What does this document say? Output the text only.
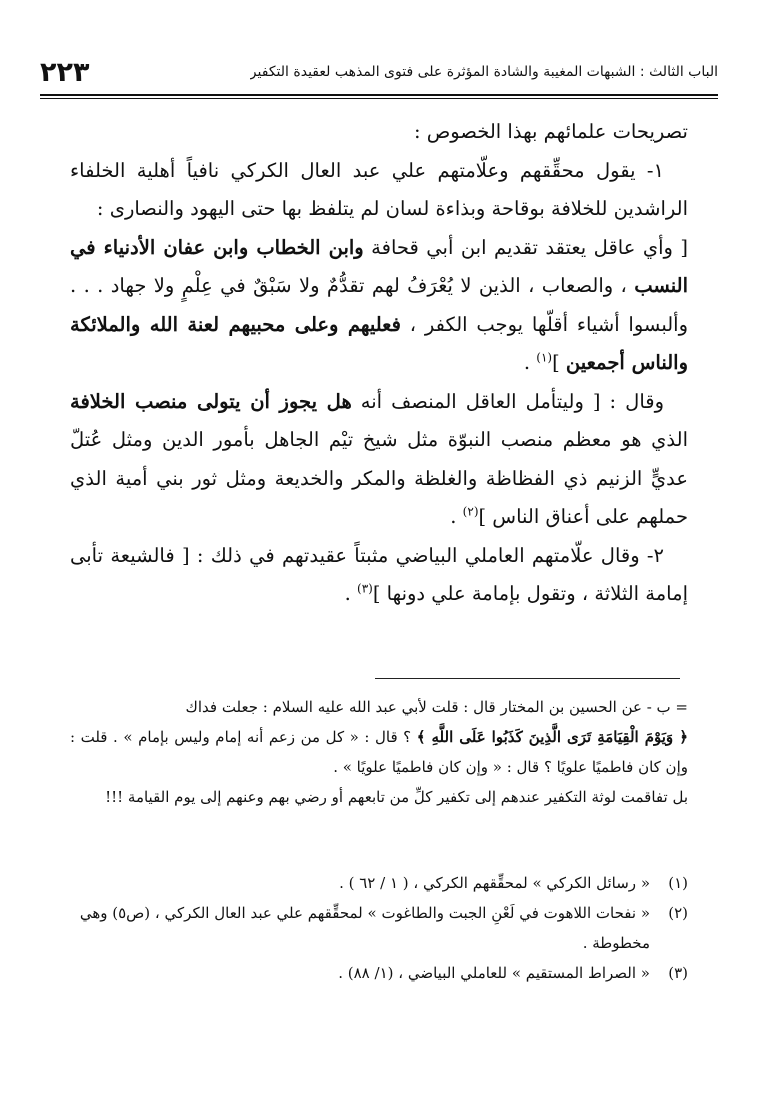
٢٢٣	الباب الثالث : الشبهات المغيبة والشادة المؤثرة على فتوى المذهب لعقيدة التكفير

تصريحات علمائهم بهذا الخصوص :

١- يقول محقِّقهم وعلّامتهم علي عبد العال الكركي نافياً أهلية الخلفاء الراشدين للخلافة بوقاحة وبذاءة لسان لم يتلفظ بها حتى اليهود والنصارى :

[ وأي عاقل يعتقد تقديم ابن أبي قحافة وابن الخطاب وابن عفان الأدنياء في النسب ، والصعاب ، الذين لا يُعْرَفُ لهم تقدُّمٌ ولا سَبْقٌ في عِلْمٍ ولا جهاد . . . وألبسوا أشياء أقلّها يوجب الكفر ، فعليهم وعلى محبيهم لعنة الله والملائكة والناس أجمعين ]$^{(١)}$ .

وقال : [ وليتأمل العاقل المنصف أنه هل يجوز أن يتولى منصب الخلافة الذي هو معظم منصب النبوّة مثل شيخ تيْم الجاهل بأمور الدين ومثل عُتلّ عديٍّ الزنيم ذي الفظاظة والغلظة والمكر والخديعة ومثل ثور بني أمية الذي حملهم على أعناق الناس ]$^{(٢)}$ .

٢- وقال علّامتهم العاملي البياضي مثبتاً عقيدتهم في ذلك : [ فالشيعة تأبى إمامة الثلاثة ، وتقول بإمامة علي دونها ]$^{(٣)}$ .

= ب - عن الحسين بن المختار قال : قلت لأبي عبد الله عليه السلام : جعلت فداك

﴿ وَيَوْمَ الْقِيَامَةِ تَرَى الَّذِينَ كَذَبُوا عَلَى اللَّهِ ﴾ ؟ قال : « كل من زعم أنه إمام وليس بإمام » . قلت : وإن كان فاطميًا علويًا ؟ قال : « وإن كان فاطميًا علويًا » .

بل تفاقمت لوثة التكفير عندهم إلى تكفير كلِّ من تابعهم أو رضي بهم وعنهم إلى يوم القيامة !!!

(١)
« رسائل الكركي » لمحقِّقهم الكركي ، ( ١ / ٦٢ ) .
(٢)
« نفحات اللاهوت في لَعْنِ الجبت والطاغوت » لمحقِّقهم علي عبد العال الكركي ، (ص٥) وهي مخطوطة .
(٣)
« الصراط المستقيم » للعاملي البياضي ، (١/ ٨٨) .
